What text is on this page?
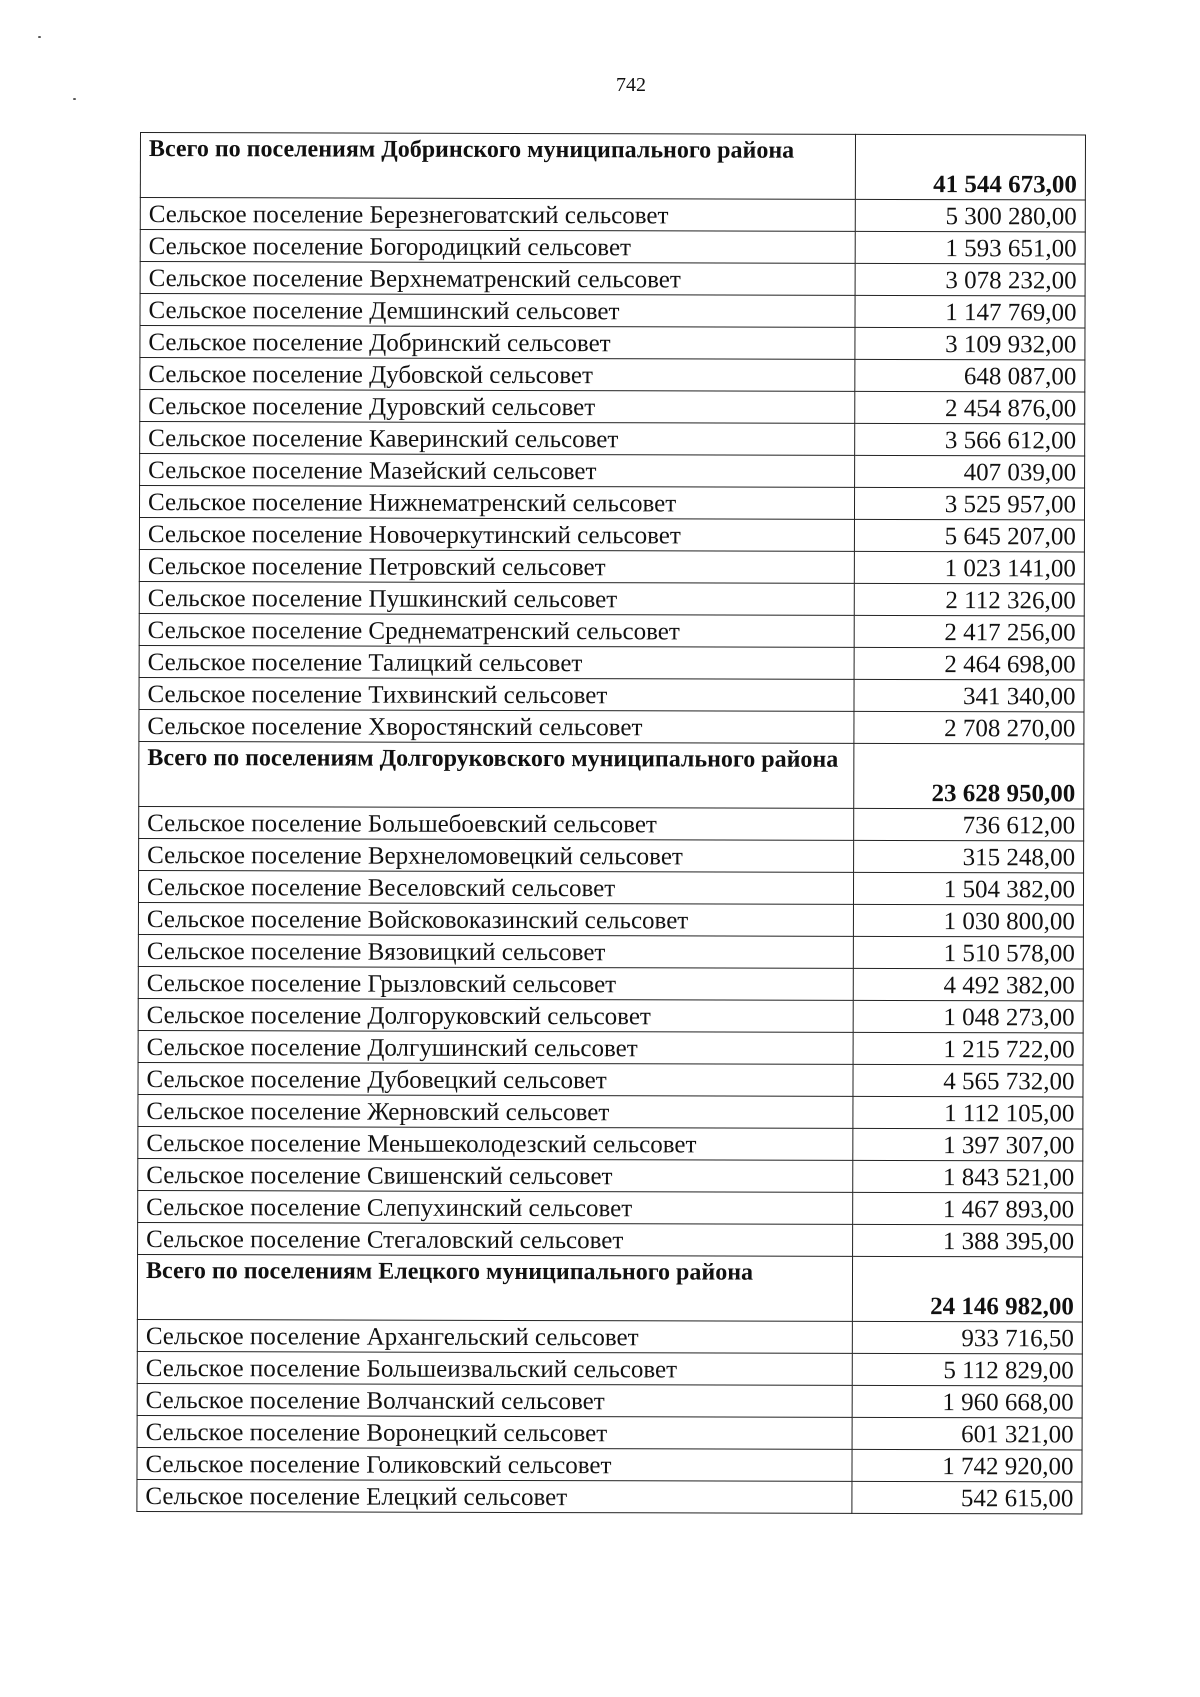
742
Всего по поселениям Добринского муниципального района	41 544 673,00
Сельское поселение Березнеговатский сельсовет	5 300 280,00
Сельское поселение Богородицкий сельсовет	1 593 651,00
Сельское поселение Верхнематренский сельсовет	3 078 232,00
Сельское поселение Демшинский сельсовет	1 147 769,00
Сельское поселение Добринский сельсовет	3 109 932,00
Сельское поселение Дубовской сельсовет	648 087,00
Сельское поселение Дуровский сельсовет	2 454 876,00
Сельское поселение Каверинский сельсовет	3 566 612,00
Сельское поселение Мазейский сельсовет	407 039,00
Сельское поселение Нижнематренский сельсовет	3 525 957,00
Сельское поселение Новочеркутинский сельсовет	5 645 207,00
Сельское поселение Петровский сельсовет	1 023 141,00
Сельское поселение Пушкинский сельсовет	2 112 326,00
Сельское поселение Среднематренский сельсовет	2 417 256,00
Сельское поселение Талицкий сельсовет	2 464 698,00
Сельское поселение Тихвинский сельсовет	341 340,00
Сельское поселение Хворостянский сельсовет	2 708 270,00
Всего по поселениям Долгоруковского муниципального района	23 628 950,00
Сельское поселение Большебоевский сельсовет	736 612,00
Сельское поселение Верхнеломовецкий сельсовет	315 248,00
Сельское поселение Веселовский сельсовет	1 504 382,00
Сельское поселение Войсковоказинский сельсовет	1 030 800,00
Сельское поселение Вязовицкий сельсовет	1 510 578,00
Сельское поселение Грызловский сельсовет	4 492 382,00
Сельское поселение Долгоруковский сельсовет	1 048 273,00
Сельское поселение Долгушинский сельсовет	1 215 722,00
Сельское поселение Дубовецкий сельсовет	4 565 732,00
Сельское поселение Жерновский сельсовет	1 112 105,00
Сельское поселение Меньшеколодезский сельсовет	1 397 307,00
Сельское поселение Свишенский сельсовет	1 843 521,00
Сельское поселение Слепухинский сельсовет	1 467 893,00
Сельское поселение Стегаловский сельсовет	1 388 395,00
Всего по поселениям Елецкого муниципального района	24 146 982,00
Сельское поселение Архангельский сельсовет	933 716,50
Сельское поселение Большеизвальский сельсовет	5 112 829,00
Сельское поселение Волчанский сельсовет	1 960 668,00
Сельское поселение Воронецкий сельсовет	601 321,00
Сельское поселение Голиковский сельсовет	1 742 920,00
Сельское поселение Елецкий сельсовет	542 615,00
